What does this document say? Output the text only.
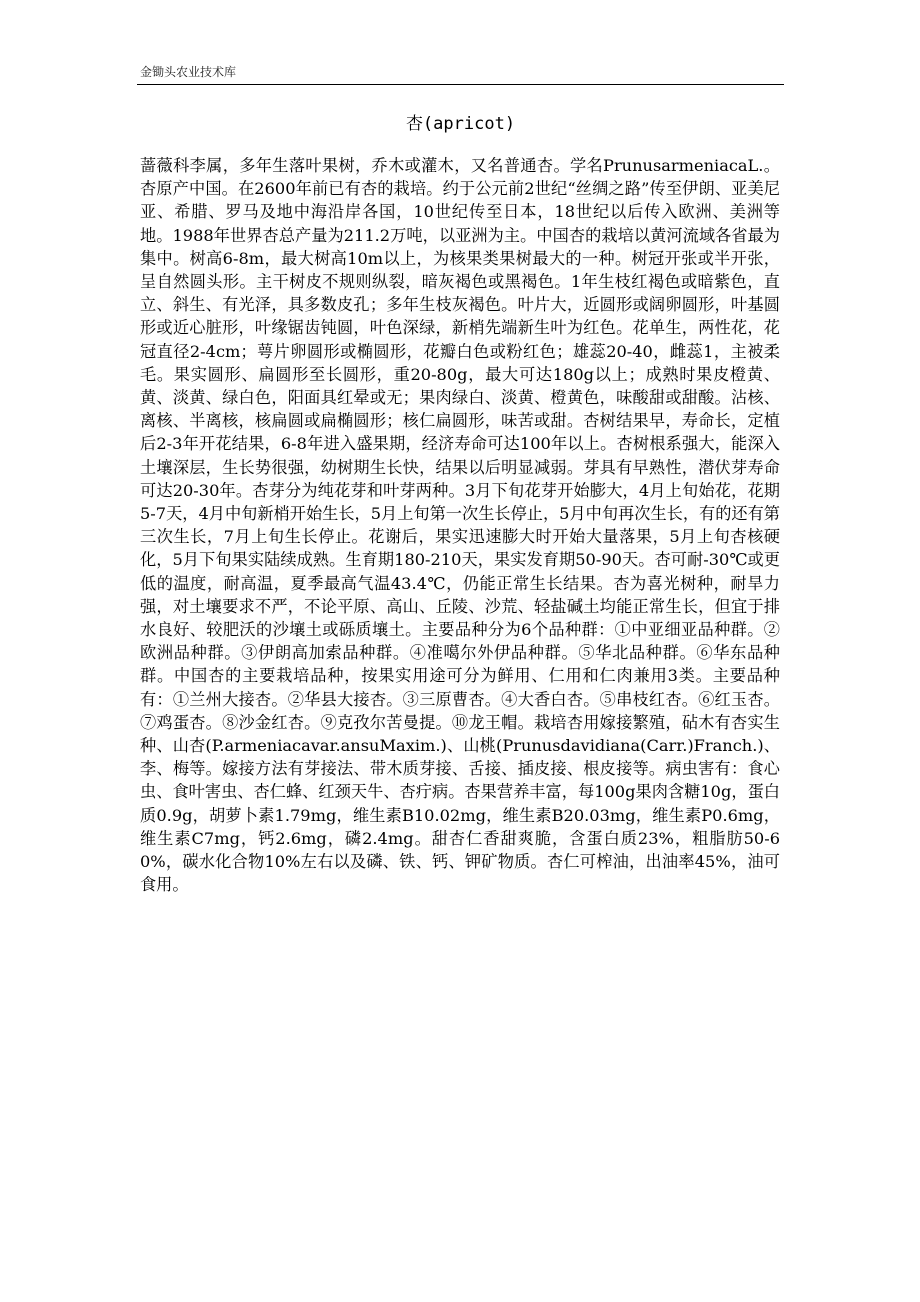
金锄头农业技术库
杏(apricot)
蔷薇科李属，多年生落叶果树，乔木或灌木，又名普通杏。学名PrunusarmeniacaL.。杏原产中国。在2600年前已有杏的栽培。约于公元前2世纪“丝绸之路”传至伊朗、亚美尼亚、希腊、罗马及地中海沿岸各国，10世纪传至日本，18世纪以后传入欧洲、美洲等地。1988年世界杏总产量为211.2万吨，以亚洲为主。中国杏的栽培以黄河流域各省最为集中。树高6-8m，最大树高10m以上，为核果类果树最大的一种。树冠开张或半开张，呈自然圆头形。主干树皮不规则纵裂，暗灰褐色或黑褐色。1年生枝红褐色或暗紫色，直立、斜生、有光泽，具多数皮孔；多年生枝灰褐色。叶片大，近圆形或阔卵圆形，叶基圆形或近心脏形，叶缘锯齿钝圆，叶色深绿，新梢先端新生叶为红色。花单生，两性花，花冠直径2-4cm；萼片卵圆形或椭圆形，花瓣白色或粉红色；雄蕊20-40，雌蕊1，主被柔毛。果实圆形、扁圆形至长圆形，重20-80g，最大可达180g以上；成熟时果皮橙黄、黄、淡黄、绿白色，阳面具红晕或无；果肉绿白、淡黄、橙黄色，味酸甜或甜酸。沾核、离核、半离核，核扁圆或扁椭圆形；核仁扁圆形，味苦或甜。杏树结果早，寿命长，定植后2-3年开花结果，6-8年进入盛果期，经济寿命可达100年以上。杏树根系强大，能深入土壤深层，生长势很强，幼树期生长快，结果以后明显减弱。芽具有早熟性，潜伏芽寿命可达20-30年。杏芽分为纯花芽和叶芽两种。3月下旬花芽开始膨大，4月上旬始花，花期5-7天，4月中旬新梢开始生长，5月上旬第一次生长停止，5月中旬再次生长，有的还有第三次生长，7月上旬生长停止。花谢后，果实迅速膨大时开始大量落果，5月上旬杏核硬化，5月下旬果实陆续成熟。生育期180-210天，果实发育期50-90天。杏可耐-30℃或更低的温度，耐高温，夏季最高气温43.4℃，仍能正常生长结果。杏为喜光树种，耐旱力强，对土壤要求不严，不论平原、高山、丘陵、沙荒、轻盐碱土均能正常生长，但宜于排水良好、较肥沃的沙壤土或砾质壤土。主要品种分为6个品种群：①中亚细亚品种群。②欧洲品种群。③伊朗高加索品种群。④准噶尔外伊品种群。⑤华北品种群。⑥华东品种群。中国杏的主要栽培品种，按果实用途可分为鲜用、仁用和仁肉兼用3类。主要品种有：①兰州大接杏。②华县大接杏。③三原曹杏。④大香白杏。⑤串枝红杏。⑥红玉杏。⑦鸡蛋杏。⑧沙金红杏。⑨克孜尔苦曼提。⑩龙王帽。栽培杏用嫁接繁殖，砧木有杏实生种、山杏(P.armeniacavar.ansuMaxim.)、山桃(Prunusdavidiana(Carr.)Franch.)、李、梅等。嫁接方法有芽接法、带木质芽接、舌接、插皮接、根皮接等。病虫害有：食心虫、食叶害虫、杏仁蜂、红颈天牛、杏疔病。杏果营养丰富，每100g果肉含糖10g，蛋白质0.9g，胡萝卜素1.79mg，维生素B10.02mg，维生素B20.03mg，维生素P0.6mg，维生素C7mg，钙2.6mg，磷2.4mg。甜杏仁香甜爽脆，含蛋白质23%，粗脂肪50-60%，碳水化合物10%左右以及磷、铁、钙、钾矿物质。杏仁可榨油，出油率45%，油可食用。
